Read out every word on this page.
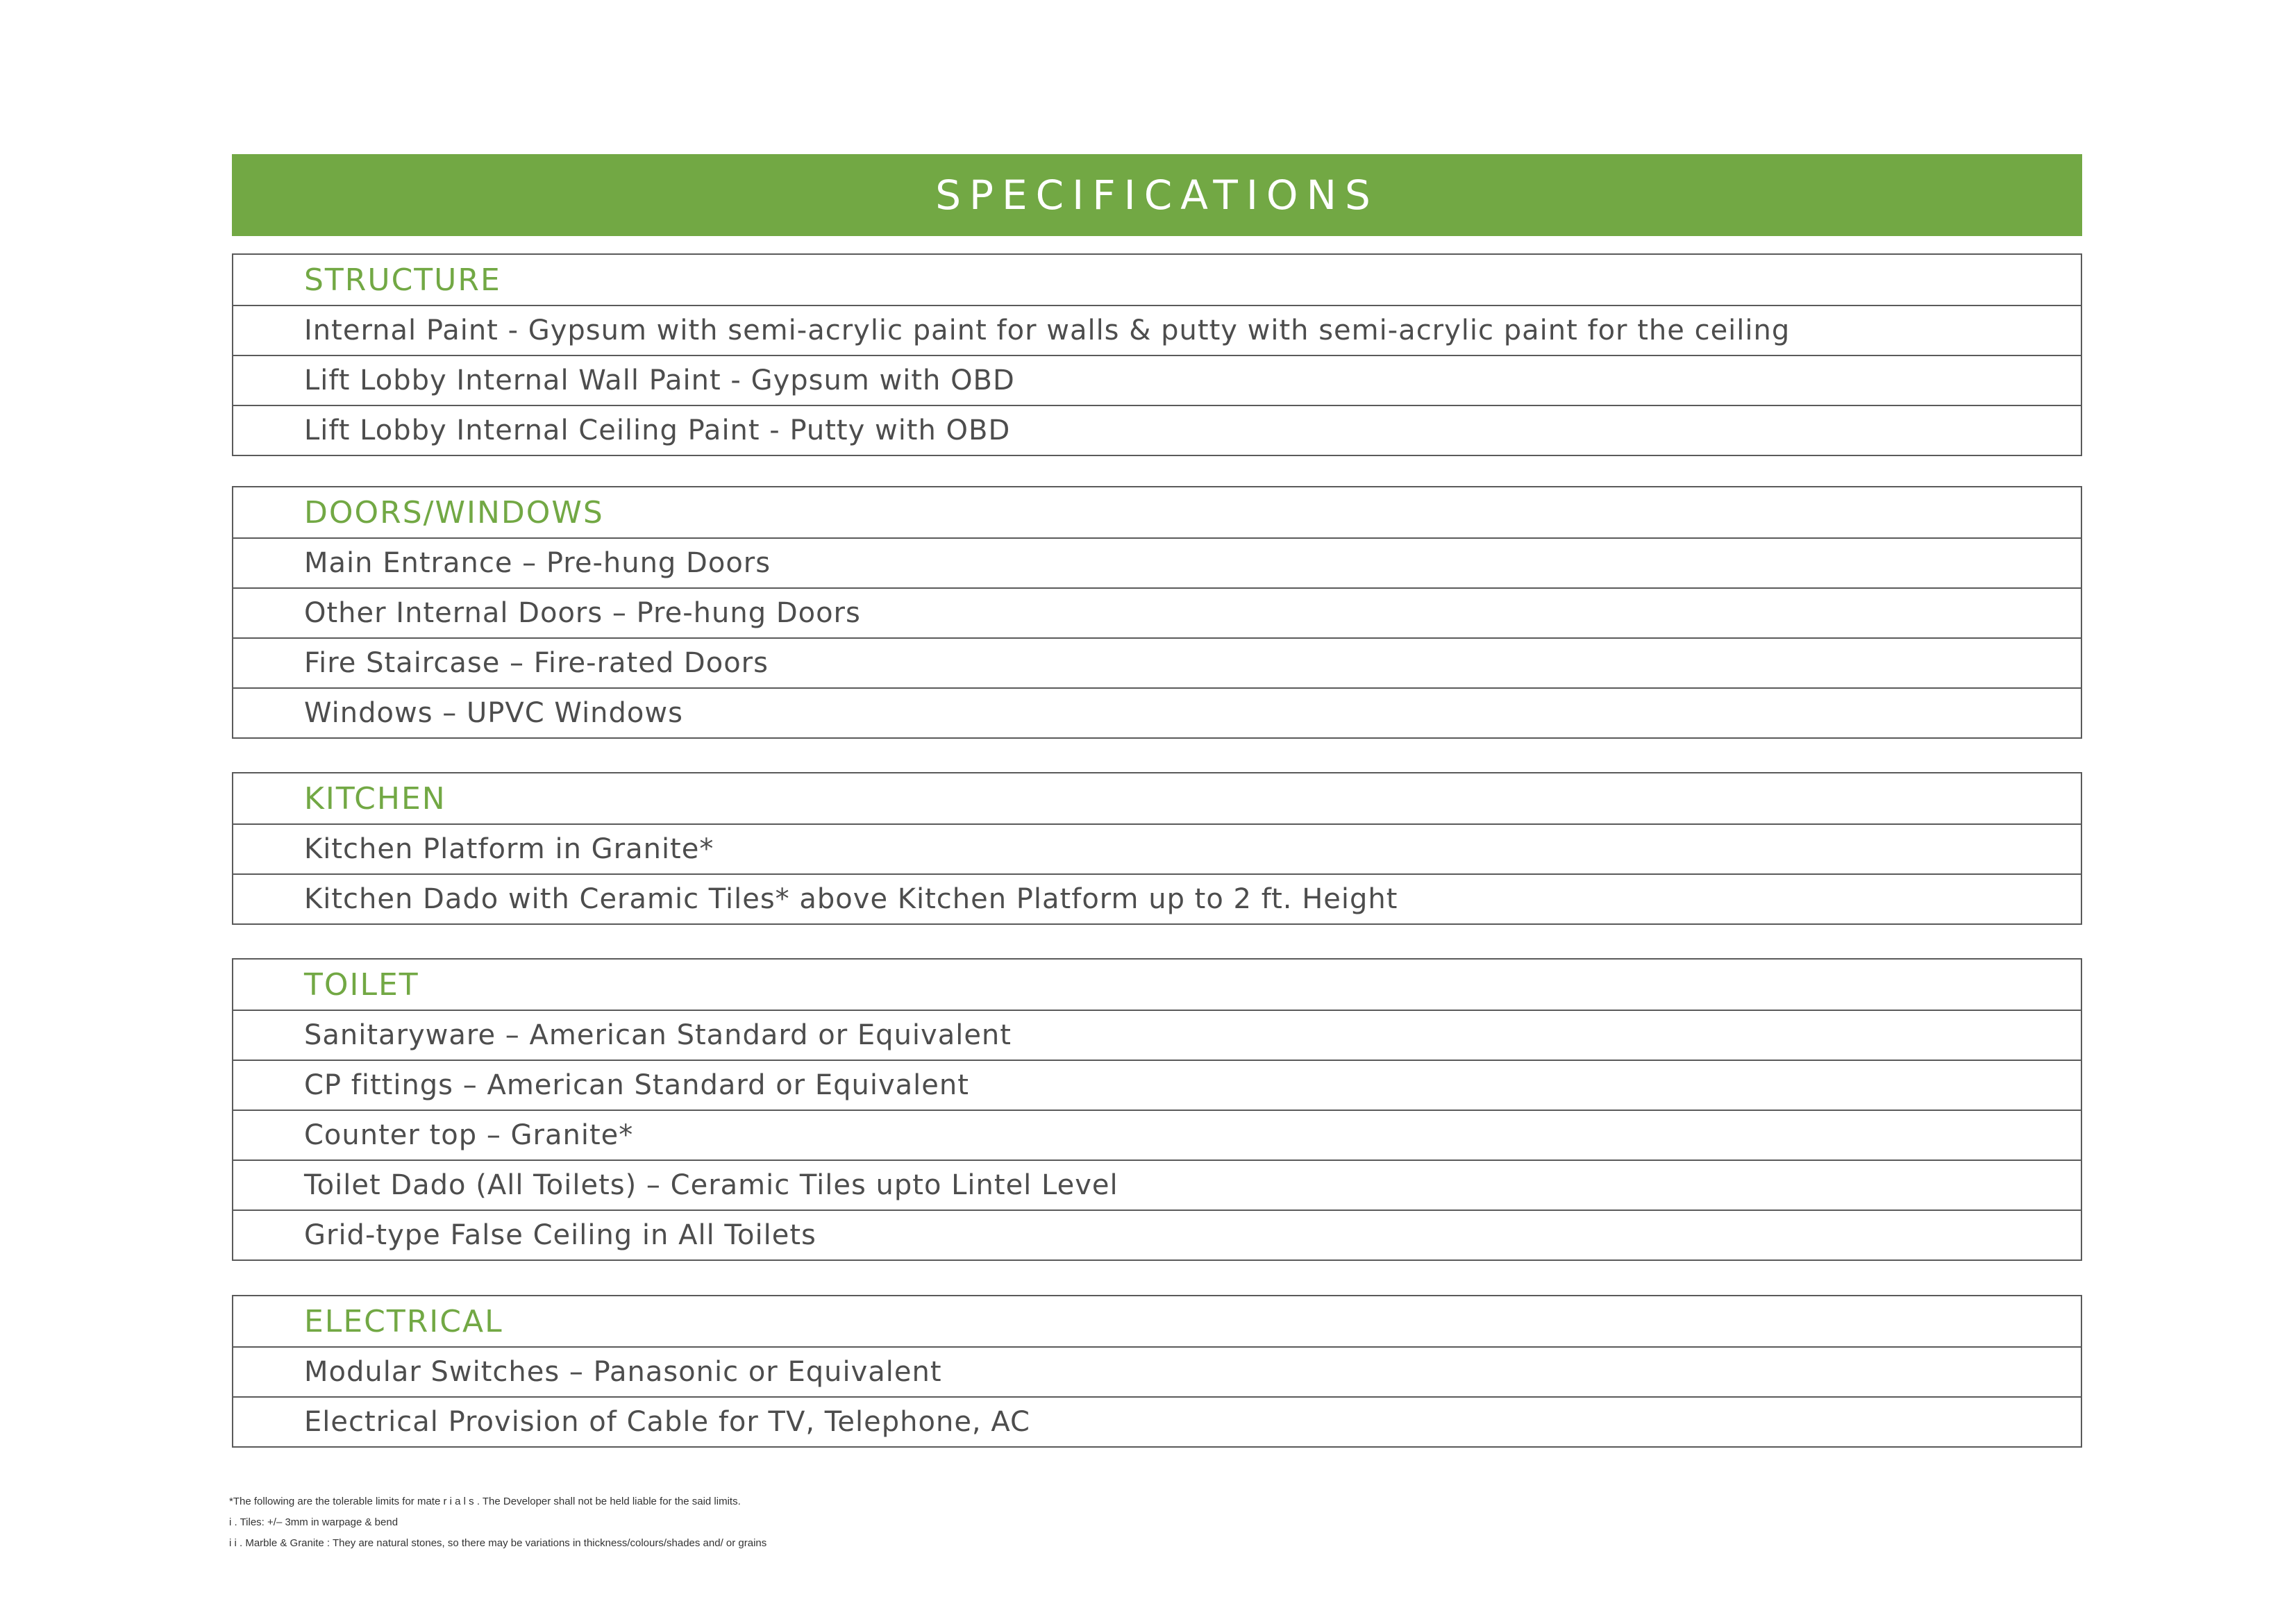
SPECIFICATIONS
STRUCTURE
Internal Paint - Gypsum with semi-acrylic paint for walls & putty with semi-acrylic paint for the ceiling
Lift Lobby Internal Wall Paint - Gypsum with OBD
Lift Lobby Internal Ceiling Paint - Putty with OBD
DOORS/WINDOWS
Main Entrance – Pre-hung Doors
Other Internal Doors – Pre-hung Doors
Fire Staircase – Fire-rated Doors
Windows – UPVC Windows
KITCHEN
Kitchen Platform in Granite*
Kitchen Dado with Ceramic Tiles* above Kitchen Platform up to 2 ft. Height
TOILET
Sanitaryware – American Standard or Equivalent
CP fittings – American Standard or Equivalent
Counter top – Granite*
Toilet Dado (All Toilets) – Ceramic Tiles upto Lintel Level
Grid-type False Ceiling in All Toilets
ELECTRICAL
Modular Switches – Panasonic or Equivalent
Electrical Provision of Cable for TV, Telephone, AC
*The following are the tolerable limits for mate r i a l s . The Developer shall not be held liable for the said limits.
i . Tiles: +/– 3mm in warpage & bend
i i . Marble & Granite : They are natural stones, so there may be variations in thickness/colours/shades and/ or grains
